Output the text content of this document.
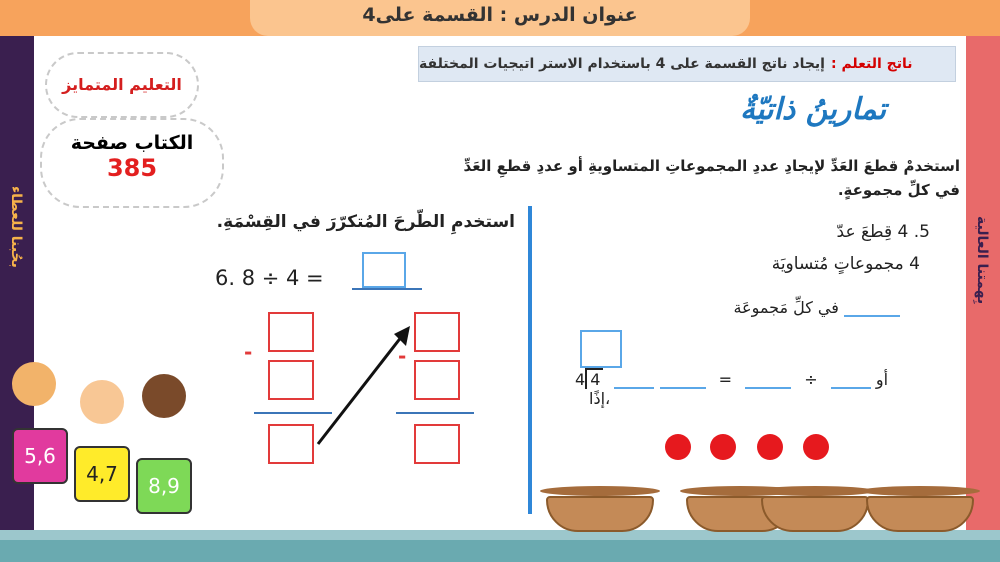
عنوان الدرس : القسمة على4
بحُبنا للعطاء	بِهمتنا العالية
ناتج التعلم :
إيجاد ناتج القسمة على 4 باستخدام الاستر اتيجيات المختلفة
التعليم المتمايز
الكتاب صفحة
385
تمارينُ ذاتيّةٌ
استخدمْ قطعَ العَدِّ لإيجادِ عددِ المجموعاتِ المتساويةِ أو عددِ قطعِ العَدِّ في كلِّ مجموعةٍ.
استخدمِ الطّرحَ المُتكرّرَ في القِسْمَةِ.
6. 8 ÷ 4 =
-	-
5. 4 قِطعَ عدّ
4 مجموعاتٍ مُتساويَة
في كلِّ مَجموعَة
4 4	أو  ÷  =  إذًا،
5,6
4,7	8,9
